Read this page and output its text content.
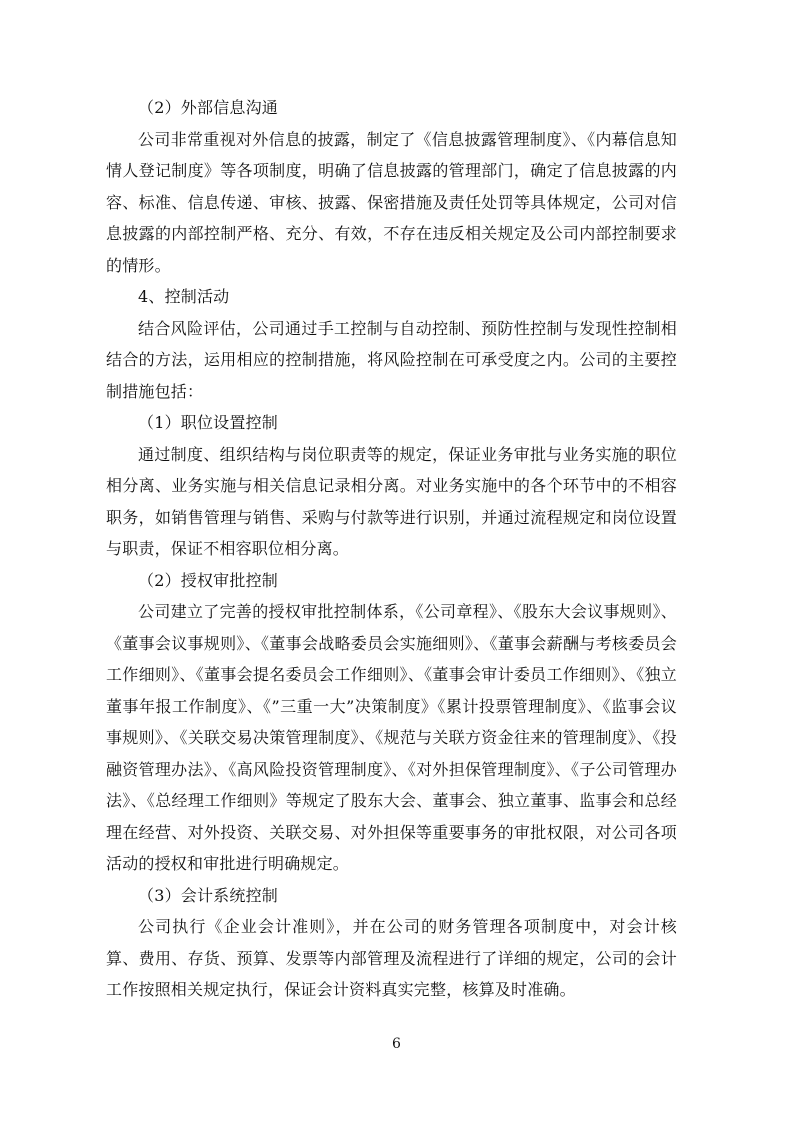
（2）外部信息沟通

公司非常重视对外信息的披露，制定了《信息披露管理制度》、《内幕信息知情人登记制度》等各项制度，明确了信息披露的管理部门，确定了信息披露的内容、标准、信息传递、审核、披露、保密措施及责任处罚等具体规定，公司对信息披露的内部控制严格、充分、有效，不存在违反相关规定及公司内部控制要求的情形。

4、控制活动

结合风险评估，公司通过手工控制与自动控制、预防性控制与发现性控制相结合的方法，运用相应的控制措施，将风险控制在可承受度之内。公司的主要控制措施包括：

（1）职位设置控制

通过制度、组织结构与岗位职责等的规定，保证业务审批与业务实施的职位相分离、业务实施与相关信息记录相分离。对业务实施中的各个环节中的不相容职务，如销售管理与销售、采购与付款等进行识别，并通过流程规定和岗位设置与职责，保证不相容职位相分离。

（2）授权审批控制

公司建立了完善的授权审批控制体系，《公司章程》、《股东大会议事规则》、《董事会议事规则》、《董事会战略委员会实施细则》、《董事会薪酬与考核委员会工作细则》、《董事会提名委员会工作细则》、《董事会审计委员工作细则》、《独立董事年报工作制度》、《”三重一大”决策制度》《累计投票管理制度》、《监事会议事规则》、《关联交易决策管理制度》、《规范与关联方资金往来的管理制度》、《投融资管理办法》、《高风险投资管理制度》、《对外担保管理制度》、《子公司管理办法》、《总经理工作细则》等规定了股东大会、董事会、独立董事、监事会和总经理在经营、对外投资、关联交易、对外担保等重要事务的审批权限，对公司各项活动的授权和审批进行明确规定。

（3）会计系统控制

公司执行《企业会计准则》，并在公司的财务管理各项制度中，对会计核算、费用、存货、预算、发票等内部管理及流程进行了详细的规定，公司的会计工作按照相关规定执行，保证会计资料真实完整，核算及时准确。

6
